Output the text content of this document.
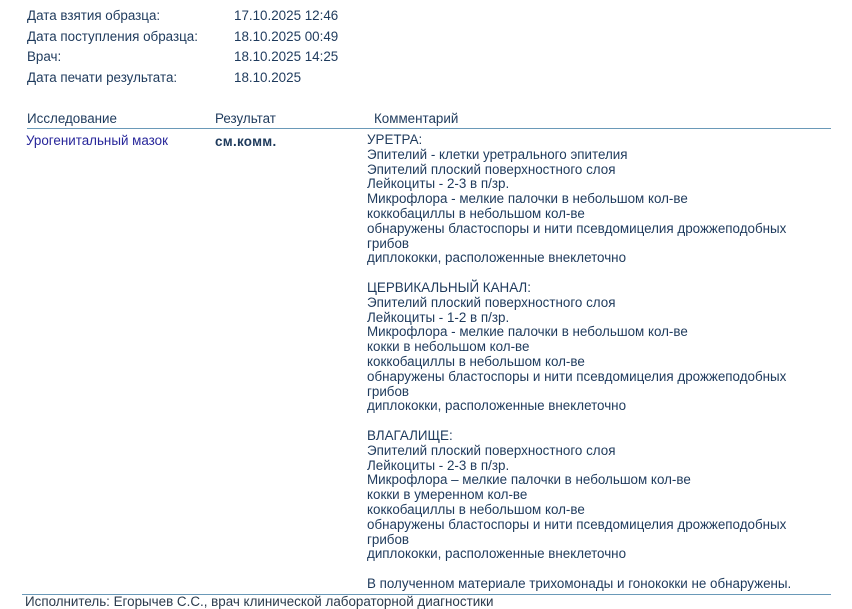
Дата взятия образца:	17.10.2025 12:46
Дата поступления образца:	18.10.2025 00:49
Врач:	18.10.2025 14:25
Дата печати результата:	18.10.2025
Исследование	Результат	Комментарий
Урогенитальный мазок	см.комм.	УРЕТРА:
Эпителий - клетки уретрального эпителия
Эпителий плоский поверхностного слоя
Лейкоциты - 2-3 в п/зр.
Микрофлора - мелкие палочки в небольшом кол-ве
коккобациллы в небольшом кол-ве
обнаружены бластоспоры и нити псевдомицелия дрожжеподобных
грибов
диплококки, расположенные внеклеточно
ЦЕРВИКАЛЬНЫЙ КАНАЛ:
Эпителий плоский поверхностного слоя
Лейкоциты - 1-2 в п/зр.
Микрофлора - мелкие палочки в небольшом кол-ве
кокки в небольшом кол-ве
коккобациллы в небольшом кол-ве
обнаружены бластоспоры и нити псевдомицелия дрожжеподобных
грибов
диплококки, расположенные внеклеточно
ВЛАГАЛИЩЕ:
Эпителий плоский поверхностного слоя
Лейкоциты - 2-3 в п/зр.
Микрофлора – мелкие палочки в небольшом кол-ве
кокки в умеренном кол-ве
коккобациллы в небольшом кол-ве
обнаружены бластоспоры и нити псевдомицелия дрожжеподобных
грибов
диплококки, расположенные внеклеточно
В полученном материале трихомонады и гонококки не обнаружены.
Исполнитель: Егорычев С.С., врач клинической лабораторной диагностики
